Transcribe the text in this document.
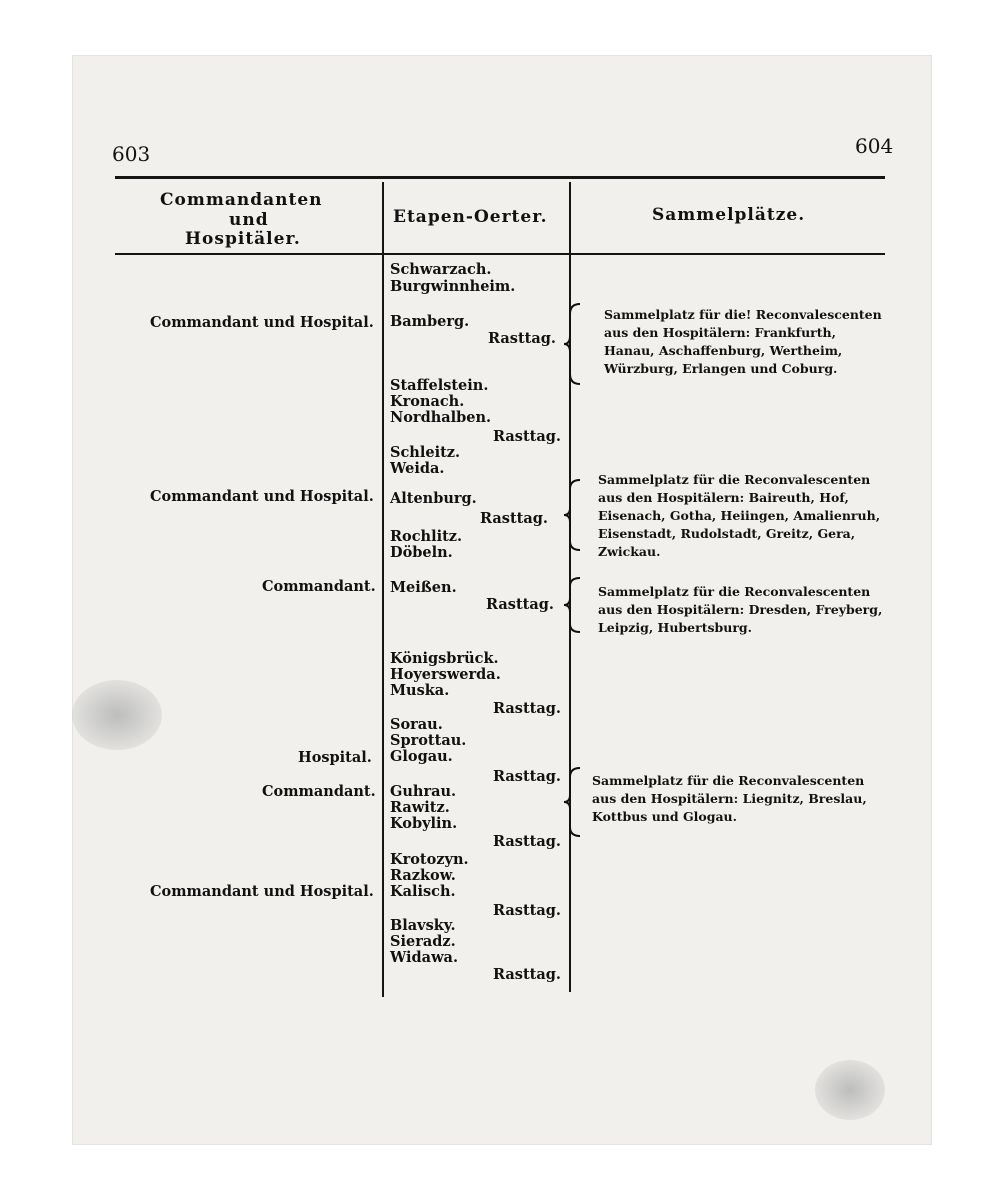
603	604
Commandanten
und
Hospitäler.
Etapen-Oerter.	Sammelplätze.
Commandant und Hospital.
Commandant und Hospital.
Commandant.
Hospital.
Commandant.
Commandant und Hospital.
Schwarzach.
Burgwinnheim.
Bamberg.
Staffelstein.
Kronach.
Nordhalben.
Schleitz.
Weida.
Altenburg.
Rochlitz.
Döbeln.
Meißen.
Königsbrück.
Hoyerswerda.
Muska.
Sorau.
Sprottau.
Glogau.
Guhrau.
Rawitz.
Kobylin.
Krotozyn.
Razkow.
Kalisch.
Blavsky.
Sieradz.
Widawa.
Rasttag.
Rasttag.
Rasttag.
Rasttag.
Rasttag.
Rasttag.
Rasttag.
Rasttag.
Rasttag.
Sammelplatz für die! Reconvalescenten aus den Hospitälern: Frankfurth, Hanau, Aschaffenburg, Wertheim, Würzburg, Erlangen und Coburg.
Sammelplatz für die Reconvalescenten aus den Hospitälern: Baireuth, Hof, Eisenach, Gotha, Heiingen, Amalienruh, Eisenstadt, Rudolstadt, Greitz, Gera, Zwickau.
Sammelplatz für die Reconvalescenten aus den Hospitälern: Dresden, Freyberg, Leipzig, Hubertsburg.
Sammelplatz für die Reconvalescenten aus den Hospitälern: Liegnitz, Breslau, Kottbus und Glogau.
